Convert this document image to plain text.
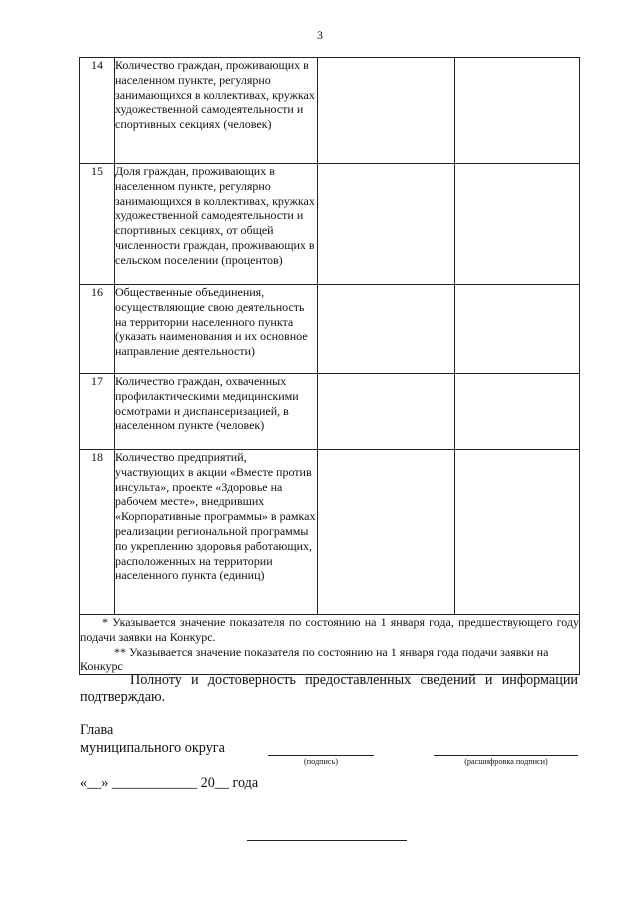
3
14	Количество граждан, проживающих в населенном пункте, регулярно занимающихся в коллективах, кружках художественной самодеятельности и спортивных секциях (человек)		
15	Доля граждан, проживающих в населенном пункте, регулярно занимающихся в коллективах, кружках художественной самодеятельности и спортивных секциях, от общей численности граждан, проживающих в сельском поселении (процентов)		
16	Общественные объединения, осуществляющие свою деятельность на территории населенного пункта (указать наименования и их основное направление деятельности)		
17	Количество граждан, охваченных профилактическими медицинскими осмотрами и диспансеризацией, в населенном пункте (человек)		
18	Количество предприятий, участвующих в акции «Вместе против инсульта», проекте «Здоровье на рабочем месте», внедривших «Корпоративные программы» в рамках реализации региональной программы по укреплению здоровья работающих, расположенных на территории населенного пункта (единиц)		

* Указывается значение показателя по состоянию на 1 января года, предшествующего году подачи заявки на Конкурс.
** Указывается значение показателя по состоянию на 1 января года подачи заявки на Конкурс			

Полноту и достоверность предоставленных сведений и информации подтверждаю.

Глава
муниципального округа
(подпись)	(расшифровка подписи)
«__» ____________ 20__ года
